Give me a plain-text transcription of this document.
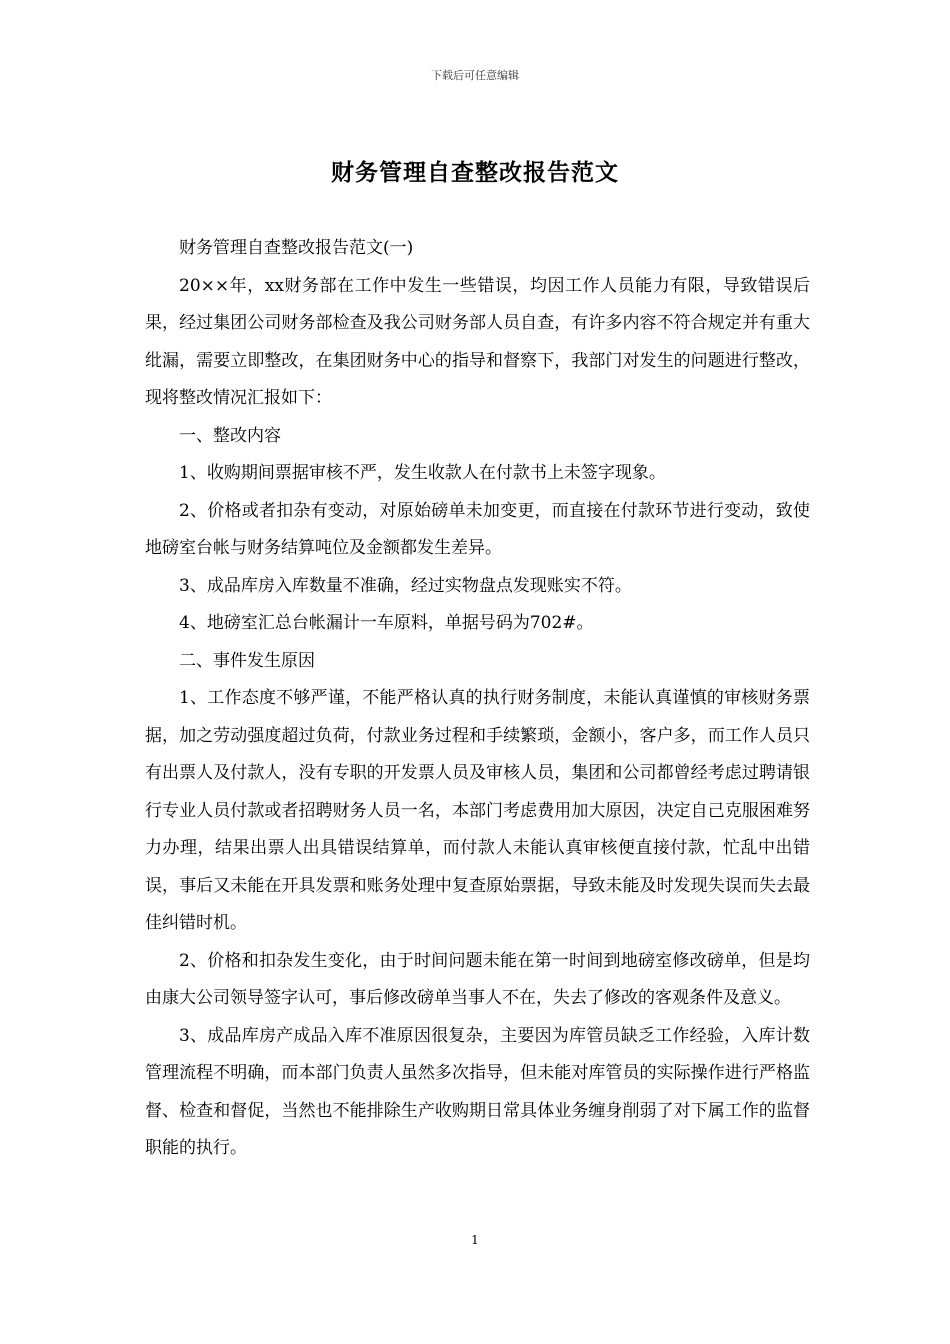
下载后可任意编辑
财务管理自查整改报告范文

财务管理自查整改报告范文(一)

20××年，xx财务部在工作中发生一些错误，均因工作人员能力有限，导致错误后果，经过集团公司财务部检查及我公司财务部人员自查，有许多内容不符合规定并有重大纰漏，需要立即整改，在集团财务中心的指导和督察下，我部门对发生的问题进行整改，现将整改情况汇报如下：

一、整改内容

1、收购期间票据审核不严，发生收款人在付款书上未签字现象。

2、价格或者扣杂有变动，对原始磅单未加变更，而直接在付款环节进行变动，致使地磅室台帐与财务结算吨位及金额都发生差异。

3、成品库房入库数量不准确，经过实物盘点发现账实不符。

4、地磅室汇总台帐漏计一车原料，单据号码为702#。

二、事件发生原因

1、工作态度不够严谨，不能严格认真的执行财务制度，未能认真谨慎的审核财务票据，加之劳动强度超过负荷，付款业务过程和手续繁琐，金额小，客户多，而工作人员只有出票人及付款人，没有专职的开发票人员及审核人员，集团和公司都曾经考虑过聘请银行专业人员付款或者招聘财务人员一名，本部门考虑费用加大原因，决定自己克服困难努力办理，结果出票人出具错误结算单，而付款人未能认真审核便直接付款，忙乱中出错误，事后又未能在开具发票和账务处理中复查原始票据，导致未能及时发现失误而失去最佳纠错时机。

2、价格和扣杂发生变化，由于时间问题未能在第一时间到地磅室修改磅单，但是均由康大公司领导签字认可，事后修改磅单当事人不在，失去了修改的客观条件及意义。

3、成品库房产成品入库不准原因很复杂，主要因为库管员缺乏工作经验，入库计数管理流程不明确，而本部门负责人虽然多次指导，但未能对库管员的实际操作进行严格监督、检查和督促，当然也不能排除生产收购期日常具体业务缠身削弱了对下属工作的监督职能的执行。

1
